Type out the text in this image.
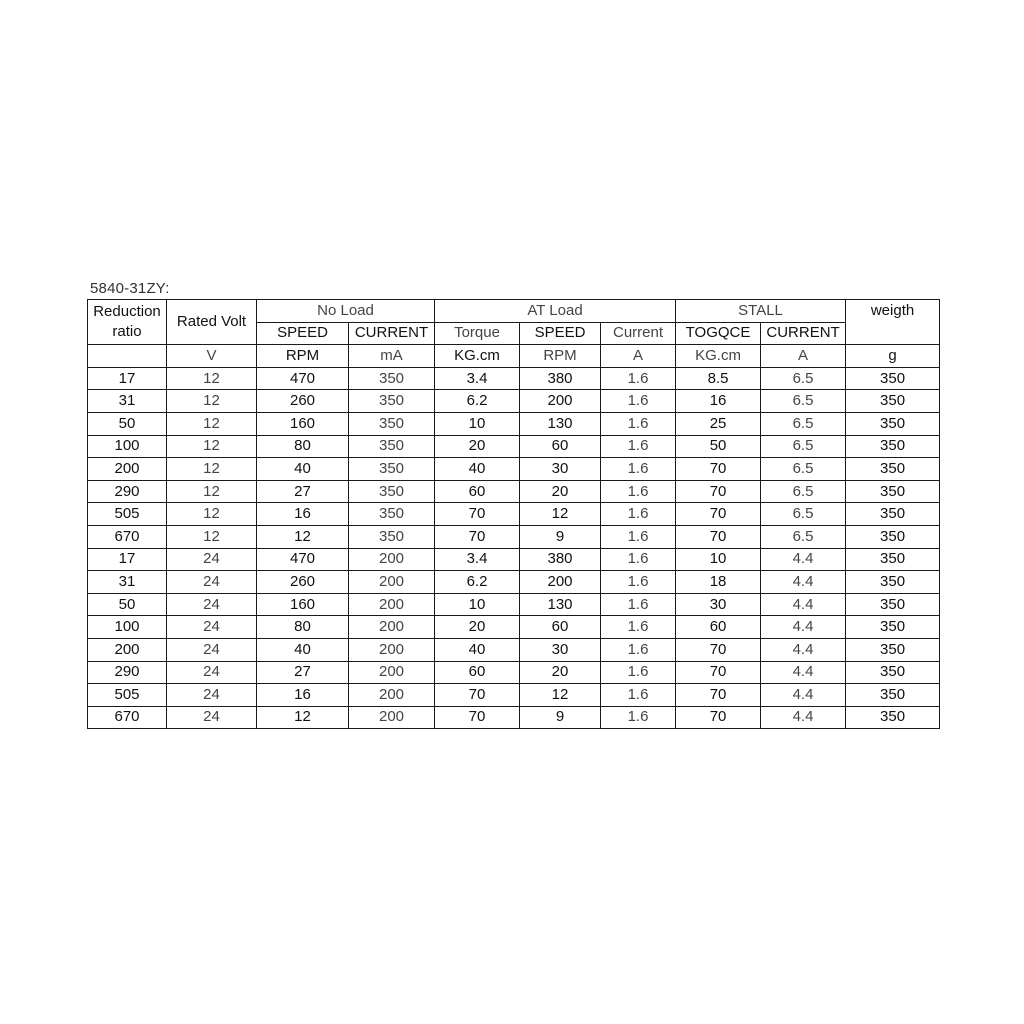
5840-31ZY:
Reduction ratio	Rated Volt	No Load		AT Load			STALL		weigth
		SPEED	CURRENT	Torque	SPEED	Current	TOGQCE	CURRENT	
	V	RPM	mA	KG.cm	RPM	A	KG.cm	A	g
17	12	470	350	3.4	380	1.6	8.5	6.5	350
31	12	260	350	6.2	200	1.6	16	6.5	350
50	12	160	350	10	130	1.6	25	6.5	350
100	12	80	350	20	60	1.6	50	6.5	350
200	12	40	350	40	30	1.6	70	6.5	350
290	12	27	350	60	20	1.6	70	6.5	350
505	12	16	350	70	12	1.6	70	6.5	350
670	12	12	350	70	9	1.6	70	6.5	350
17	24	470	200	3.4	380	1.6	10	4.4	350
31	24	260	200	6.2	200	1.6	18	4.4	350
50	24	160	200	10	130	1.6	30	4.4	350
100	24	80	200	20	60	1.6	60	4.4	350
200	24	40	200	40	30	1.6	70	4.4	350
290	24	27	200	60	20	1.6	70	4.4	350
505	24	16	200	70	12	1.6	70	4.4	350
670	24	12	200	70	9	1.6	70	4.4	350
